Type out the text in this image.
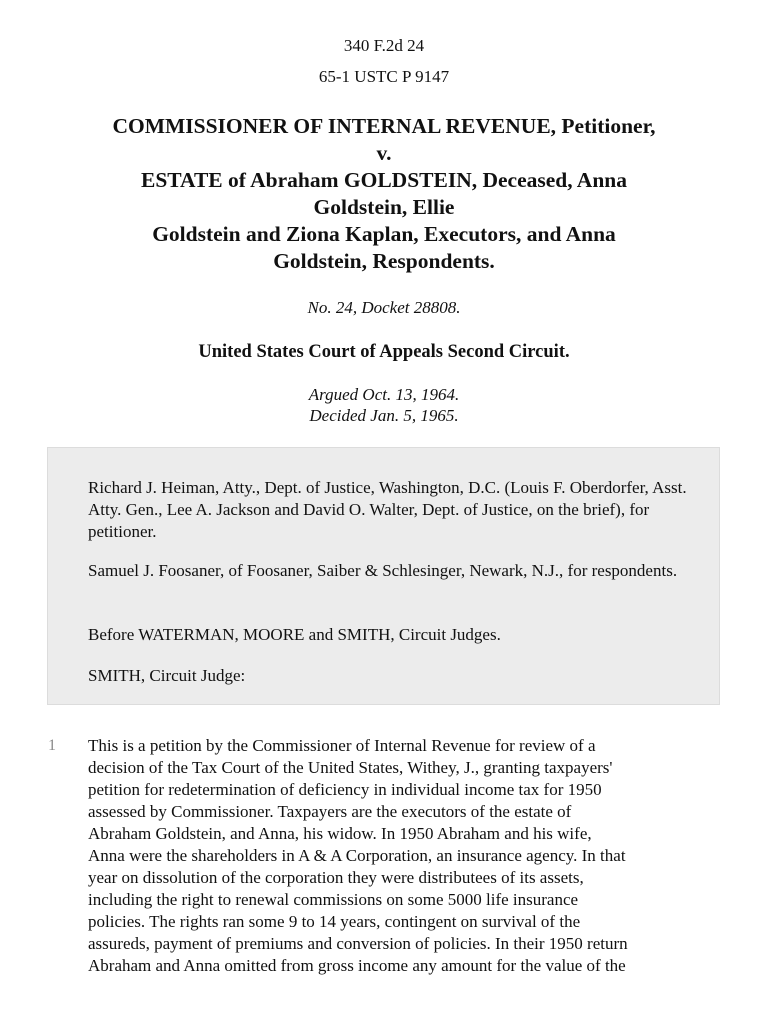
340 F.2d 24
65-1 USTC P 9147
COMMISSIONER OF INTERNAL REVENUE, Petitioner,
v.
ESTATE of Abraham GOLDSTEIN, Deceased, Anna
Goldstein, Ellie
Goldstein and Ziona Kaplan, Executors, and Anna
Goldstein, Respondents.
No. 24, Docket 28808.
United States Court of Appeals Second Circuit.
Argued Oct. 13, 1964.
Decided Jan. 5, 1965.

Richard J. Heiman, Atty., Dept. of Justice, Washington, D.C. (Louis F. Oberdorfer, Asst. Atty. Gen., Lee A. Jackson and David O. Walter, Dept. of Justice, on the brief), for petitioner.

Samuel J. Foosaner, of Foosaner, Saiber & Schlesinger, Newark, N.J., for respondents.

Before WATERMAN, MOORE and SMITH, Circuit Judges.

SMITH, Circuit Judge:

1 This is a petition by the Commissioner of Internal Revenue for review of a
decision of the Tax Court of the United States, Withey, J., granting taxpayers'
petition for redetermination of deficiency in individual income tax for 1950
assessed by Commissioner. Taxpayers are the executors of the estate of
Abraham Goldstein, and Anna, his widow. In 1950 Abraham and his wife,
Anna were the shareholders in A & A Corporation, an insurance agency. In that
year on dissolution of the corporation they were distributees of its assets,
including the right to renewal commissions on some 5000 life insurance
policies. The rights ran some 9 to 14 years, contingent on survival of the
assureds, payment of premiums and conversion of policies. In their 1950 return
Abraham and Anna omitted from gross income any amount for the value of the
